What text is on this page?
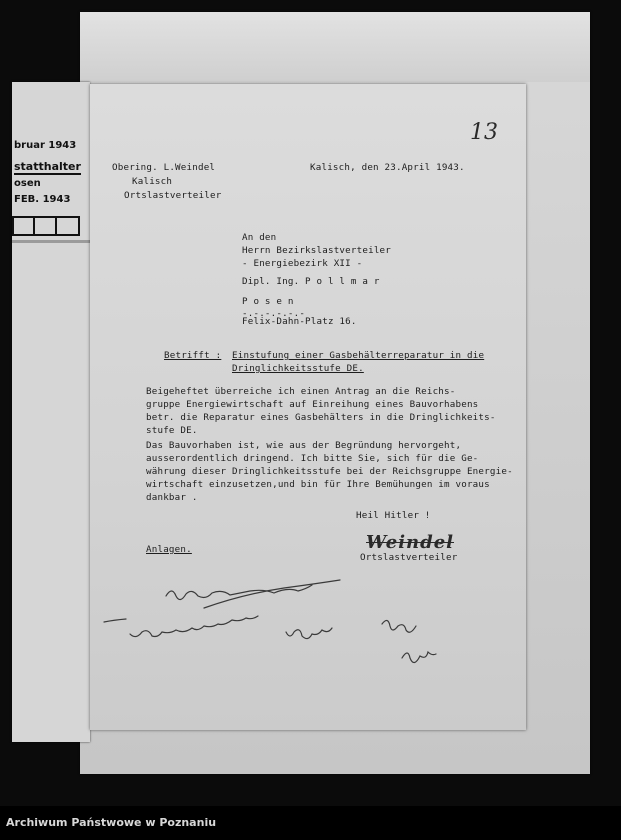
bruar 1943
statthalter
osen
FEB. 1943
13
Obering. L.Weindel
Kalisch
Ortslastverteiler
Kalisch, den 23.April 1943.
An den
Herrn Bezirkslastverteiler
- Energiebezirk XII -
Dipl. Ing. P o l l m a r
P o s e n
-.-.-.-.-.-
Felix-Dahn-Platz 16.
Betrifft : Einstufung einer Gasbehälterreparatur in die
Dringlichkeitsstufe DE.
Beigeheftet überreiche ich einen Antrag an die Reichs-
gruppe Energiewirtschaft auf Einreihung eines Bauvorhabens
betr. die Reparatur eines Gasbehälters in die Dringlichkeits-
stufe DE.
Das Bauvorhaben ist, wie aus der Begründung hervorgeht,
ausserordentlich dringend. Ich bitte Sie, sich für die Ge-
währung dieser Dringlichkeitsstufe bei der Reichsgruppe Energie-
wirtschaft einzusetzen,und bin für Ihre Bemühungen im voraus
dankbar .
Heil Hitler !
Anlagen.	Weindel
Ortslastverteiler
Archiwum Państwowe w Poznaniu
